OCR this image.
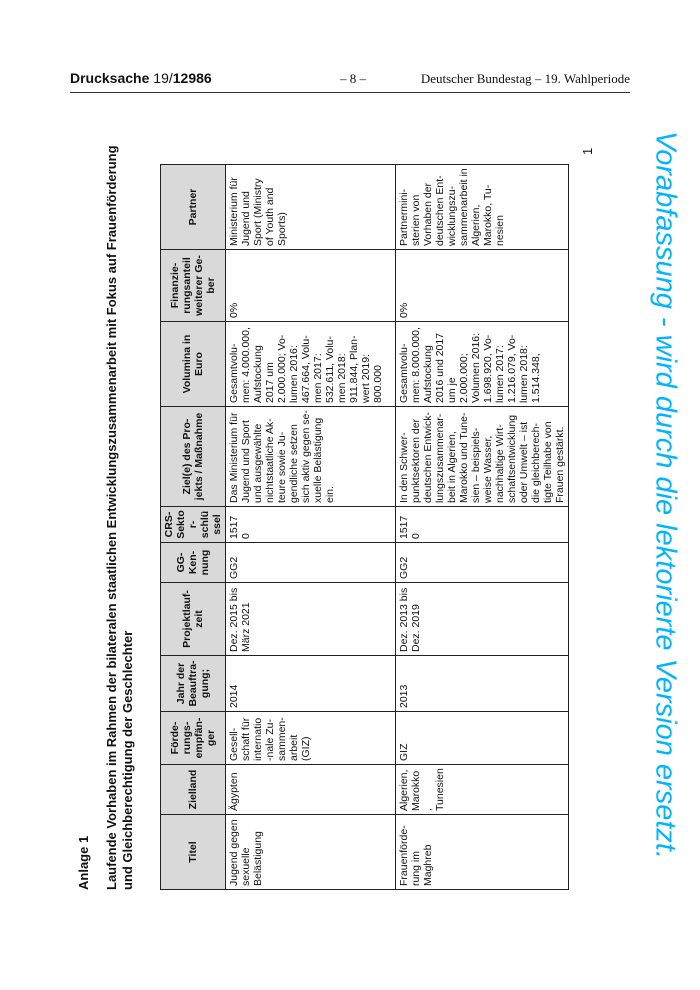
Drucksache 19/12986	– 8 –	Deutscher Bundestag – 19. Wahlperiode
Anlage 1 Laufende Vorhaben im Rahmen der bilateralen staatlichen Entwicklungszusammenarbeit mit Fokus auf Frauenförderung und Gleichberechtigung der Geschlechter
1
Titel	Zielland	Förde-rungs-empfän-ger	Jahr der Beauftra-gung;	Projektlauf-zeit	GG-Ken-nung	CRS-Sektor-schlü ssel	Ziel(e) des Pro-jekts / Maßnahme	Volumina in Euro	Finanzie-rungsanteil weiterer Ge-ber	Partner
Jugend gegen sexuelle Belästigung	Ägypten	Gesell-schaft für internatio-nale Zu-sammen-arbeit (GIZ)	2014	Dez. 2015 bis März 2021	GG2	15170	Das Ministerium für Jugend und Sport und ausgewählte nichtstaatliche Ak-teure sowie Ju-gendliche setzen sich aktiv gegen se-xuelle Belästigung ein.	Gesamtvolu-men: 4.000.000, Aufstockung 2017 um 2.000.000; Vo-lumen 2016: 467.664, Volu-men 2017: 532.611, Volu-men 2018: 911.844, Plan-wert 2019: 800.000	0%	Ministerium für Jugend und Sport (Ministry of Youth and Sports)
Frauenförde-rung im Maghreb	Algerien, Marokko, Tunesien	GIZ	2013	Dez. 2013 bis Dez. 2019	GG2	15170	In den Schwer-punktsektoren der deutschen Entwick-lungszusammenar-beit in Algerien, Marokko und Tune-sien – beispiels-weise Wasser, nachhaltige Wirt-schaftsentwicklung oder Umwelt – ist die gleichberech-tigte Teilhabe von Frauen gestärkt.	Gesamtvolu-men: 8.000.000, Aufstockung 2016 und 2017 um je 2.000.000; Volumen 2016: 1.698.920, Vo-lumen 2017: 1.216.079, Vo-lumen 2018: 1.514.348,	0%	Partnermini-sterien von Vorhaben der deutschen Ent-wicklungszu-sammenarbeit in Algerien, Marokko, Tu-nesien	Vorabfassung - wird durch die lektorierte Version ersetzt.
